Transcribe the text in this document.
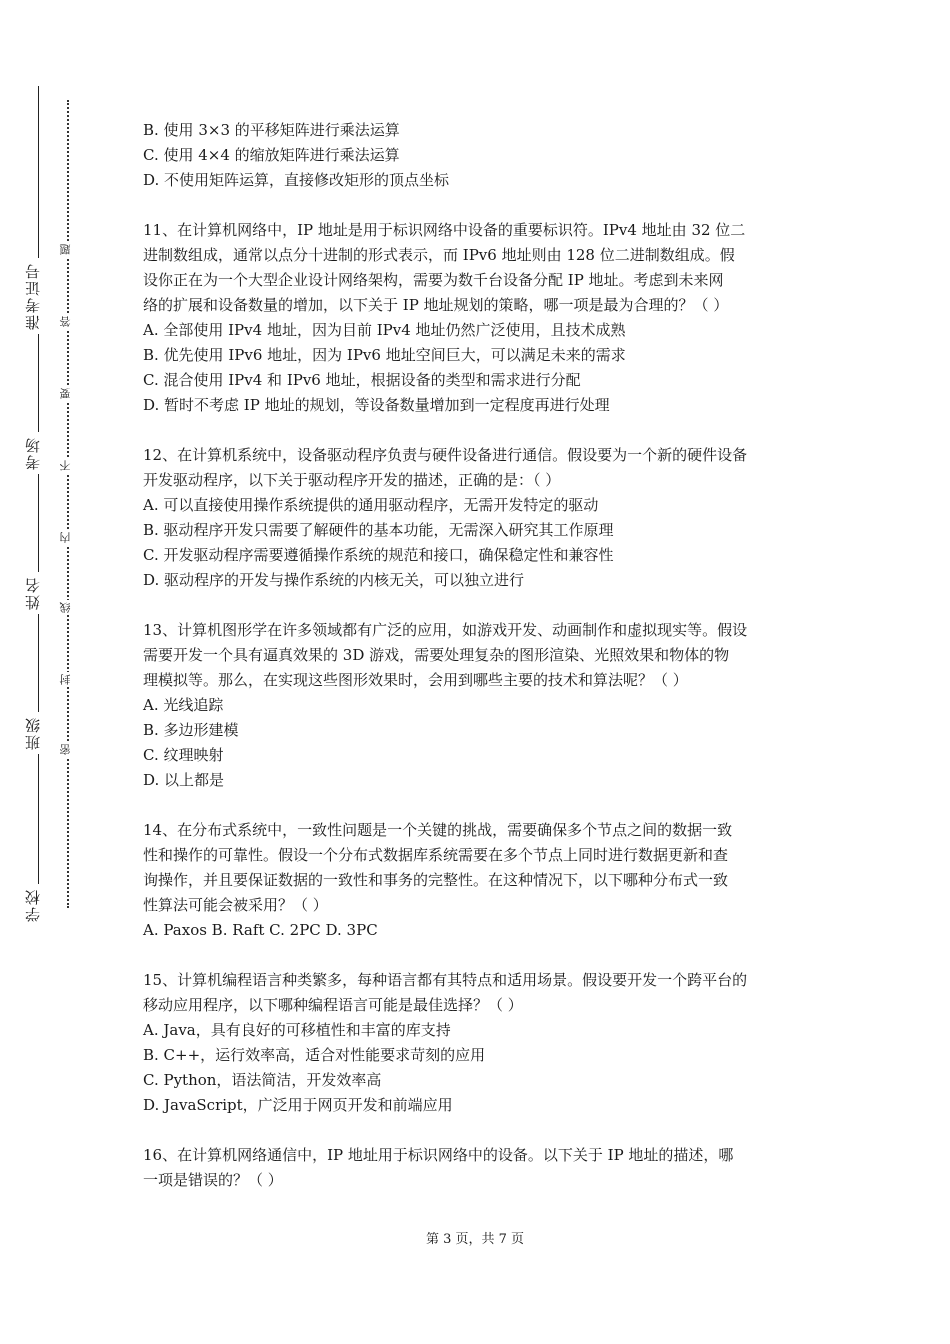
准考证号
考场
姓名
班级
学校
题
答
要
不
内
线
封
密
B. 使用 3×3 的平移矩阵进行乘法运算
C. 使用 4×4 的缩放矩阵进行乘法运算
D. 不使用矩阵运算，直接修改矩形的顶点坐标
11、在计算机网络中，IP 地址是用于标识网络中设备的重要标识符。IPv4 地址由 32 位二
进制数组成，通常以点分十进制的形式表示，而 IPv6 地址则由 128 位二进制数组成。假
设你正在为一个大型企业设计网络架构，需要为数千台设备分配 IP 地址。考虑到未来网
络的扩展和设备数量的增加，以下关于 IP 地址规划的策略，哪一项是最为合理的？（ ）
A. 全部使用 IPv4 地址，因为目前 IPv4 地址仍然广泛使用，且技术成熟
B. 优先使用 IPv6 地址，因为 IPv6 地址空间巨大，可以满足未来的需求
C. 混合使用 IPv4 和 IPv6 地址，根据设备的类型和需求进行分配
D. 暂时不考虑 IP 地址的规划，等设备数量增加到一定程度再进行处理
12、在计算机系统中，设备驱动程序负责与硬件设备进行通信。假设要为一个新的硬件设备
开发驱动程序，以下关于驱动程序开发的描述，正确的是：（ ）
A. 可以直接使用操作系统提供的通用驱动程序，无需开发特定的驱动
B. 驱动程序开发只需要了解硬件的基本功能，无需深入研究其工作原理
C. 开发驱动程序需要遵循操作系统的规范和接口，确保稳定性和兼容性
D. 驱动程序的开发与操作系统的内核无关，可以独立进行
13、计算机图形学在许多领域都有广泛的应用，如游戏开发、动画制作和虚拟现实等。假设
需要开发一个具有逼真效果的 3D 游戏，需要处理复杂的图形渲染、光照效果和物体的物
理模拟等。那么，在实现这些图形效果时，会用到哪些主要的技术和算法呢？（ ）
A. 光线追踪
B. 多边形建模
C. 纹理映射
D. 以上都是
14、在分布式系统中，一致性问题是一个关键的挑战，需要确保多个节点之间的数据一致
性和操作的可靠性。假设一个分布式数据库系统需要在多个节点上同时进行数据更新和查
询操作，并且要保证数据的一致性和事务的完整性。在这种情况下，以下哪种分布式一致
性算法可能会被采用？（ ）
A. Paxos B. Raft C. 2PC D. 3PC
15、计算机编程语言种类繁多，每种语言都有其特点和适用场景。假设要开发一个跨平台的
移动应用程序，以下哪种编程语言可能是最佳选择？（ ）
A. Java，具有良好的可移植性和丰富的库支持
B. C++，运行效率高，适合对性能要求苛刻的应用
C. Python，语法简洁，开发效率高
D. JavaScript，广泛用于网页开发和前端应用
16、在计算机网络通信中，IP 地址用于标识网络中的设备。以下关于 IP 地址的描述，哪
一项是错误的？（ ）
第 3 页，共 7 页
